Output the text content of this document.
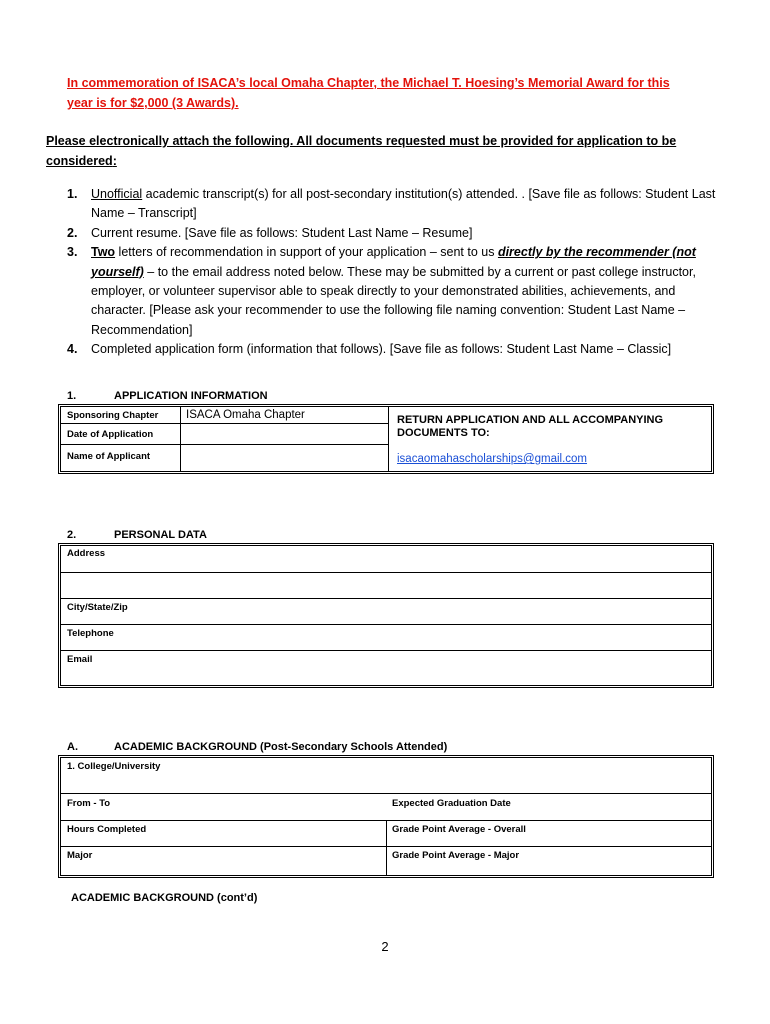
In commemoration of ISACA’s local Omaha Chapter, the Michael T. Hoesing’s Memorial Award for this
year is for $2,000 (3 Awards).
Please electronically attach the following. All documents requested must be provided for application to be
considered:
1. Unofficial academic transcript(s) for all post-secondary institution(s) attended. . [Save file as follows: Student Last Name – Transcript]
2. Current resume. [Save file as follows: Student Last Name – Resume]
3. Two letters of recommendation in support of your application – sent to us directly by the recommender (not yourself) – to the email address noted below. These may be submitted by a current or past college instructor, employer, or volunteer supervisor able to speak directly to your demonstrated abilities, achievements, and character. [Please ask your recommender to use the following file naming convention: Student Last Name – Recommendation]
4. Completed application form (information that follows). [Save file as follows: Student Last Name – Classic]
1.	APPLICATION INFORMATION
Sponsoring Chapter ISACA Omaha Chapter
Date of Application
Name of Applicant
RETURN APPLICATION AND ALL ACCOMPANYING DOCUMENTS TO:
isacaomahascholarships@gmail.com
2.	PERSONAL DATA
Address
City/State/Zip
Telephone
Email
A.	ACADEMIC BACKGROUND (Post-Secondary Schools Attended)
1. College/University
From - To	Expected Graduation Date
Hours Completed	Grade Point Average - Overall
Major	Grade Point Average - Major
ACADEMIC BACKGROUND (cont’d)
2
